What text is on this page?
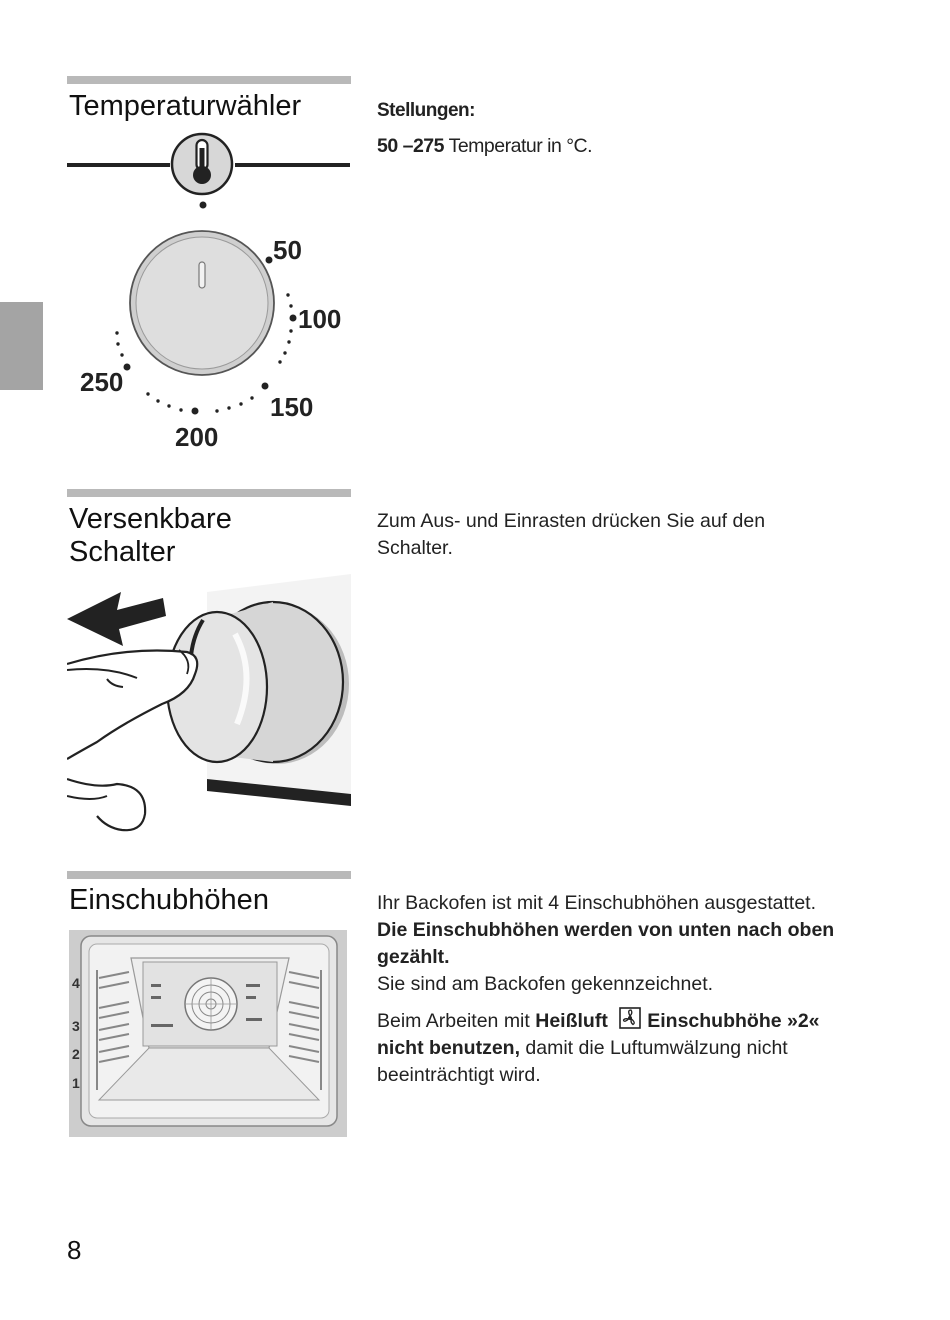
Temperaturwähler	Stellungen:
50 –275 Temperatur in °C.
50
100
150
200
250
Versenkbare
Schalter
Zum Aus- und Einrasten drücken Sie auf den
Schalter.
Einschubhöhen	Ihr Backofen ist mit 4 Einschubhöhen ausgestattet.
Die Einschubhöhen werden von unten nach oben
gezählt.
Sie sind am Backofen gekennzeichnet.
Beim Arbeiten mit Heißluft Einschubhöhe »2«
nicht benutzen, damit die Luftumwälzung nicht
beeinträchtigt wird.
4
3
2
1
8
